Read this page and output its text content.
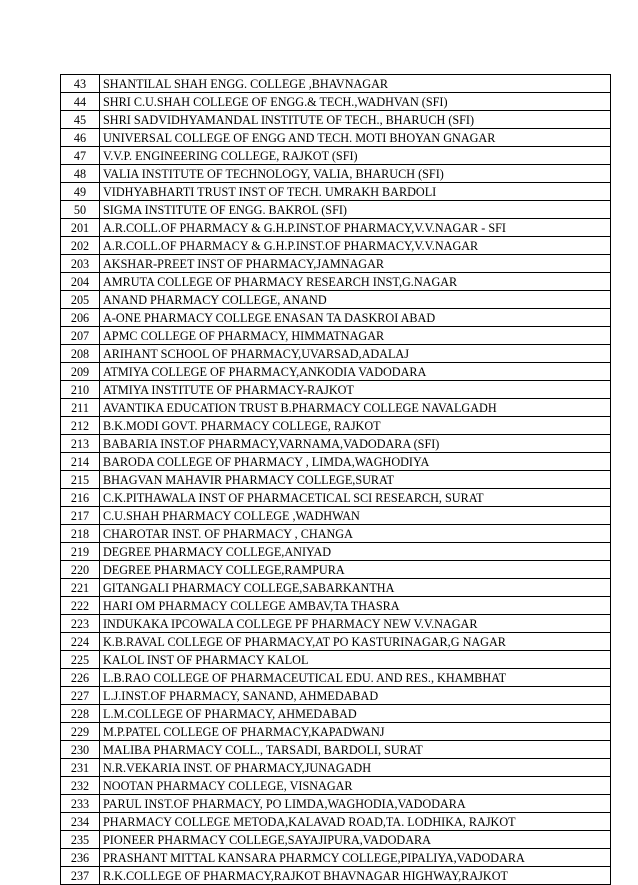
43	SHANTILAL SHAH ENGG. COLLEGE ,BHAVNAGAR
44	SHRI C.U.SHAH COLLEGE OF ENGG.& TECH.,WADHVAN (SFI)
45	SHRI SADVIDHYAMANDAL INSTITUTE OF TECH., BHARUCH (SFI)
46	UNIVERSAL COLLEGE OF ENGG AND TECH. MOTI BHOYAN GNAGAR
47	V.V.P. ENGINEERING COLLEGE, RAJKOT (SFI)
48	VALIA INSTITUTE OF TECHNOLOGY, VALIA, BHARUCH (SFI)
49	VIDHYABHARTI TRUST INST OF TECH. UMRAKH BARDOLI
50	SIGMA INSTITUTE OF ENGG. BAKROL (SFI)
201	A.R.COLL.OF PHARMACY & G.H.P.INST.OF PHARMACY,V.V.NAGAR - SFI
202	A.R.COLL.OF PHARMACY & G.H.P.INST.OF PHARMACY,V.V.NAGAR
203	AKSHAR-PREET INST OF PHARMACY,JAMNAGAR
204	AMRUTA COLLEGE OF PHARMACY RESEARCH INST,G.NAGAR
205	ANAND PHARMACY COLLEGE, ANAND
206	A-ONE PHARMACY COLLEGE ENASAN TA DASKROI ABAD
207	APMC COLLEGE OF PHARMACY, HIMMATNAGAR
208	ARIHANT SCHOOL OF PHARMACY,UVARSAD,ADALAJ
209	ATMIYA COLLEGE OF PHARMACY,ANKODIA VADODARA
210	ATMIYA INSTITUTE OF PHARMACY-RAJKOT
211	AVANTIKA EDUCATION TRUST B.PHARMACY COLLEGE NAVALGADH
212	B.K.MODI GOVT. PHARMACY COLLEGE, RAJKOT
213	BABARIA INST.OF PHARMACY,VARNAMA,VADODARA (SFI)
214	BARODA COLLEGE OF PHARMACY , LIMDA,WAGHODIYA
215	BHAGVAN MAHAVIR PHARMACY COLLEGE,SURAT
216	C.K.PITHAWALA INST OF PHARMACETICAL SCI RESEARCH, SURAT
217	C.U.SHAH PHARMACY COLLEGE ,WADHWAN
218	CHAROTAR INST. OF PHARMACY , CHANGA
219	DEGREE PHARMACY COLLEGE,ANIYAD
220	DEGREE PHARMACY COLLEGE,RAMPURA
221	GITANGALI PHARMACY COLLEGE,SABARKANTHA
222	HARI OM PHARMACY COLLEGE AMBAV,TA THASRA
223	INDUKAKA IPCOWALA COLLEGE PF PHARMACY NEW V.V.NAGAR
224	K.B.RAVAL COLLEGE OF PHARMACY,AT PO KASTURINAGAR,G NAGAR
225	KALOL INST OF PHARMACY KALOL
226	L.B.RAO COLLEGE OF PHARMACEUTICAL EDU. AND RES., KHAMBHAT
227	L.J.INST.OF PHARMACY, SANAND, AHMEDABAD
228	L.M.COLLEGE OF PHARMACY, AHMEDABAD
229	M.P.PATEL COLLEGE OF PHARMACY,KAPADWANJ
230	MALIBA PHARMACY COLL., TARSADI, BARDOLI, SURAT
231	N.R.VEKARIA INST. OF PHARMACY,JUNAGADH
232	NOOTAN PHARMACY COLLEGE, VISNAGAR
233	PARUL INST.OF PHARMACY, PO LIMDA,WAGHODIA,VADODARA
234	PHARMACY COLLEGE METODA,KALAVAD ROAD,TA. LODHIKA, RAJKOT
235	PIONEER PHARMACY COLLEGE,SAYAJIPURA,VADODARA
236	PRASHANT MITTAL KANSARA PHARMCY COLLEGE,PIPALIYA,VADODARA
237	R.K.COLLEGE OF PHARMACY,RAJKOT BHAVNAGAR HIGHWAY,RAJKOT
